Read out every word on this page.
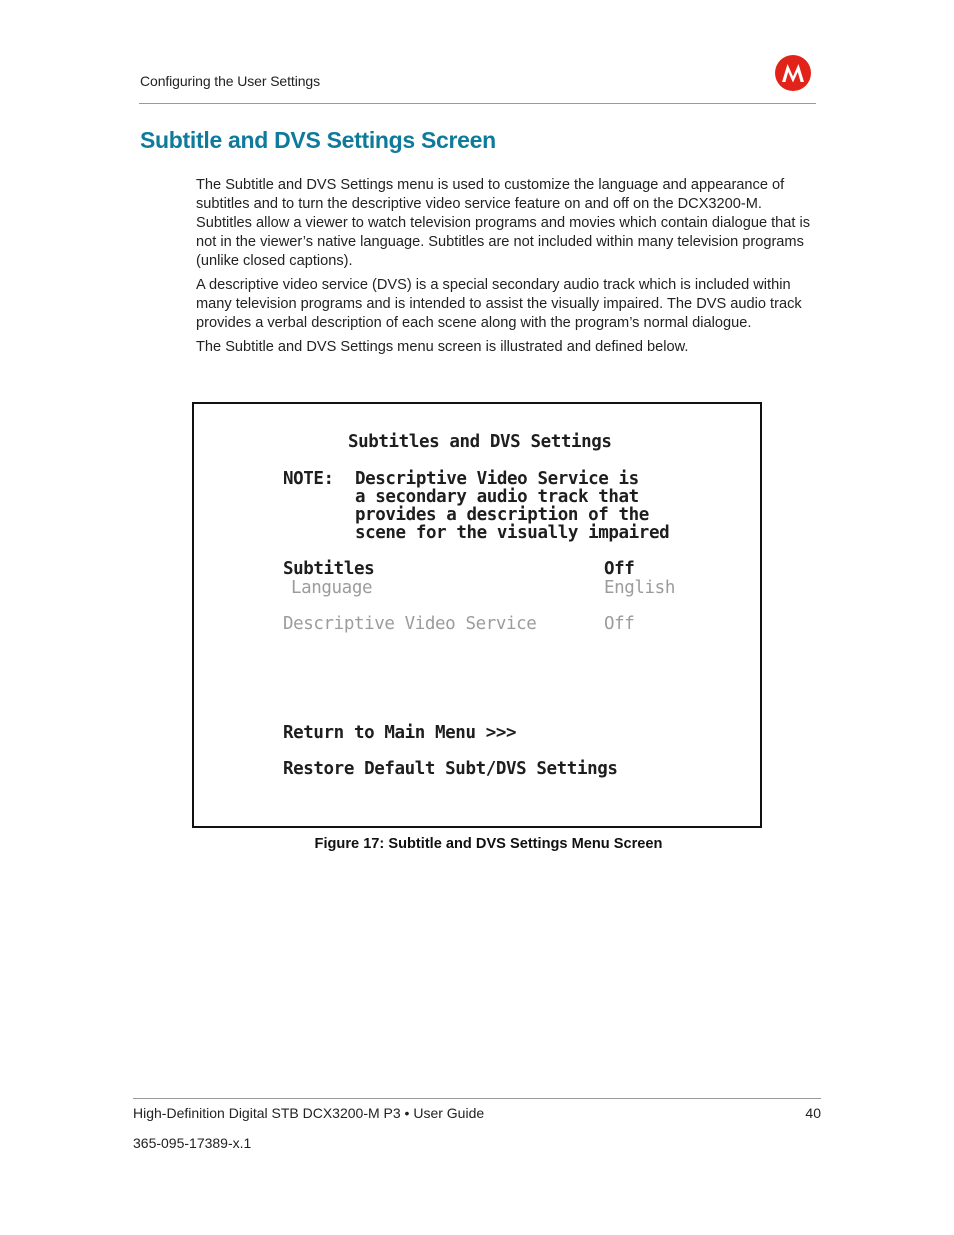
Configuring the User Settings
Subtitle and DVS Settings Screen

The Subtitle and DVS Settings menu is used to customize the language and appearance of subtitles and to turn the descriptive video service feature on and off on the DCX3200-M. Subtitles allow a viewer to watch television programs and movies which contain dialogue that is not in the viewer’s native language. Subtitles are not included within many television programs (unlike closed captions).

A descriptive video service (DVS) is a special secondary audio track which is included within many television programs and is intended to assist the visually impaired. The DVS audio track provides a verbal description of each scene along with the program’s normal dialogue.

The Subtitle and DVS Settings menu screen is illustrated and defined below.

Subtitles and DVS Settings
NOTE: Descriptive Video Service is
a secondary audio track that
provides a description of the
scene for the visually impaired
Subtitles	Off
Language	English
Descriptive Video Service	Off
Return to Main Menu >>>
Restore Default Subt/DVS Settings
Figure 17: Subtitle and DVS Settings Menu Screen
High-Definition Digital STB DCX3200-M P3 • User Guide	40
365-095-17389-x.1
